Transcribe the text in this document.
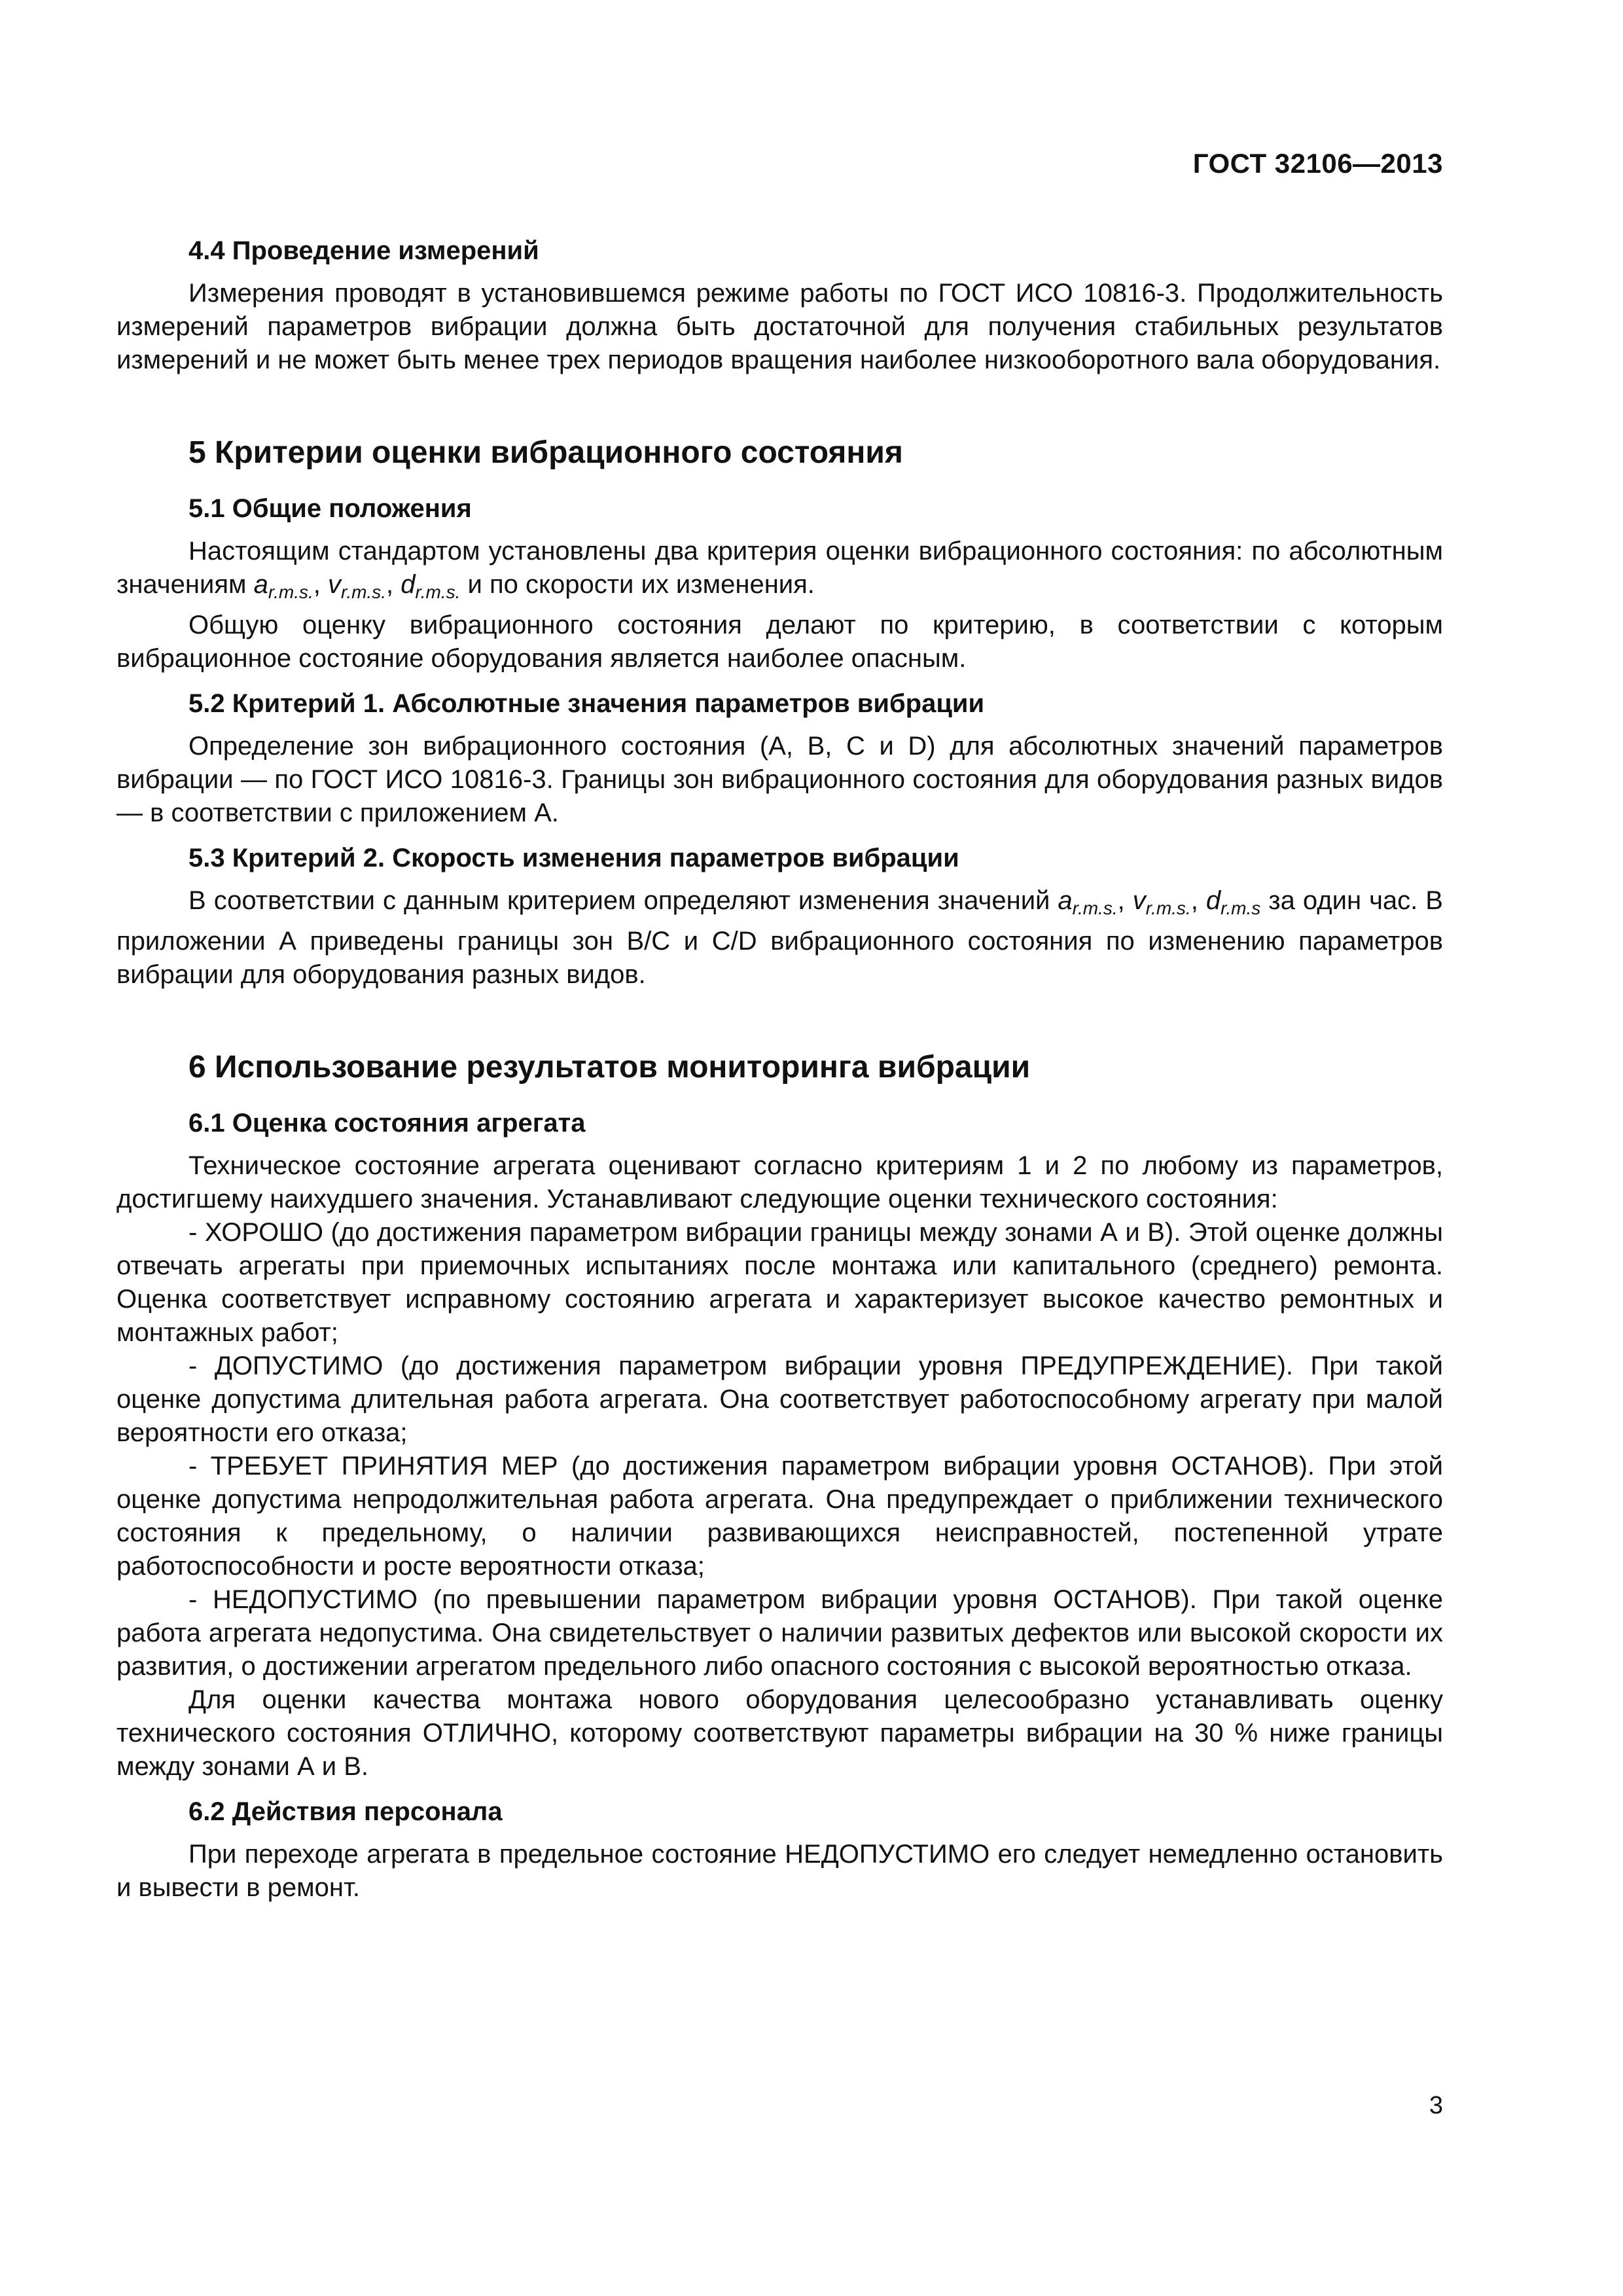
ГОСТ 32106—2013
4.4 Проведение измерений

Измерения проводят в установившемся режиме работы по ГОСТ ИСО 10816-3. Продолжительность измерений параметров вибрации должна быть достаточной для получения стабильных результатов измерений и не может быть менее трех периодов вращения наиболее низкооборотного вала оборудования.

5 Критерии оценки вибрационного состояния
5.1 Общие положения

Настоящим стандартом установлены два критерия оценки вибрационного состояния: по абсолютным значениям $a_{r.m.s.}$, $v_{r.m.s.}$, $d_{r.m.s.}$ и по скорости их изменения.

Общую оценку вибрационного состояния делают по критерию, в соответствии с которым вибрационное состояние оборудования является наиболее опасным.

5.2 Критерий 1. Абсолютные значения параметров вибрации

Определение зон вибрационного состояния (A, B, C и D) для абсолютных значений параметров вибрации — по ГОСТ ИСО 10816-3. Границы зон вибрационного состояния для оборудования разных видов — в соответствии с приложением А.

5.3 Критерий 2. Скорость изменения параметров вибрации

В соответствии с данным критерием определяют изменения значений $a_{r.m.s.}$, $v_{r.m.s.}$, $d_{r.m.s}$ за один час. В приложении А приведены границы зон В/С и С/D вибрационного состояния по изменению параметров вибрации для оборудования разных видов.

6 Использование результатов мониторинга вибрации
6.1 Оценка состояния агрегата

Техническое состояние агрегата оценивают согласно критериям 1 и 2 по любому из параметров, достигшему наихудшего значения. Устанавливают следующие оценки технического состояния:

- ХОРОШО (до достижения параметром вибрации границы между зонами А и В). Этой оценке должны отвечать агрегаты при приемочных испытаниях после монтажа или капитального (среднего) ремонта. Оценка соответствует исправному состоянию агрегата и характеризует высокое качество ремонтных и монтажных работ;

- ДОПУСТИМО (до достижения параметром вибрации уровня ПРЕДУПРЕЖДЕНИЕ). При такой оценке допустима длительная работа агрегата. Она соответствует работоспособному агрегату при малой вероятности его отказа;

- ТРЕБУЕТ ПРИНЯТИЯ МЕР (до достижения параметром вибрации уровня ОСТАНОВ). При этой оценке допустима непродолжительная работа агрегата. Она предупреждает о приближении технического состояния к предельному, о наличии развивающихся неисправностей, постепенной утрате работоспособности и росте вероятности отказа;

- НЕДОПУСТИМО (по превышении параметром вибрации уровня ОСТАНОВ). При такой оценке работа агрегата недопустима. Она свидетельствует о наличии развитых дефектов или высокой скорости их развития, о достижении агрегатом предельного либо опасного состояния с высокой вероятностью отказа.

Для оценки качества монтажа нового оборудования целесообразно устанавливать оценку технического состояния ОТЛИЧНО, которому соответствуют параметры вибрации на 30 % ниже границы между зонами А и В.

6.2 Действия персонала

При переходе агрегата в предельное состояние НЕДОПУСТИМО его следует немедленно остановить и вывести в ремонт.

3
